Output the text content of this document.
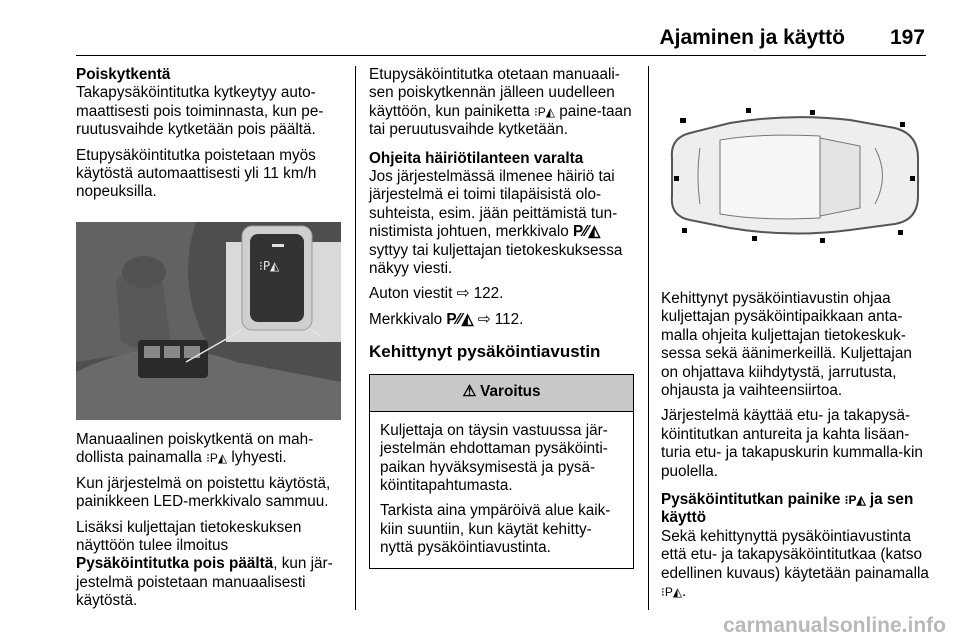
Ajaminen ja käyttö 197

Poiskytkentä

Takapysäköintitutka kytkeytyy auto-maattisesti pois toiminnasta, kun pe-ruutusvaihde kytketään pois päältä.

Etupysäköintitutka poistetaan myös käytöstä automaattisesti yli 11 km/h nopeuksilla.

⁝P◭

Manuaalinen poiskytkentä on mah-dollista painamalla ⁝P◭ lyhyesti.

Kun järjestelmä on poistettu käytöstä, painikkeen LED-merkkivalo sammuu.

Lisäksi kuljettajan tietokeskuksen näyttöön tulee ilmoitus
Pysäköintitutka pois päältä, kun jär-jestelmä poistetaan manuaalisesti käytöstä.

Etupysäköintitutka otetaan manuaali-sen poiskytkennän jälleen uudelleen käyttöön, kun painiketta ⁝P◭ paine-taan tai peruutusvaihde kytketään.

Ohjeita häiriötilanteen varalta

Jos järjestelmässä ilmenee häiriö tai järjestelmä ei toimi tilapäisistä olo-suhteista, esim. jään peittämistä tun-nistimista johtuen, merkkivalo P⁄⁄◭
syttyy tai kuljettajan tietokeskuksessa näkyy viesti.

Auton viestit ⇨ 122.

Merkkivalo P⁄⁄◭ ⇨ 112.

Kehittynyt pysäköintiavustin

⚠ Varoitus

Kuljettaja on täysin vastuussa jär-jestelmän ehdottaman pysäköinti-paikan hyväksymisestä ja pysä-köintitapahtumasta.

Tarkista aina ympäröivä alue kaik-kiin suuntiin, kun käytät kehitty-nyttä pysäköintiavustinta.

Kehittynyt pysäköintiavustin ohjaa kuljettajan pysäköintipaikkaan anta-malla ohjeita kuljettajan tietokeskuk-sessa sekä äänimerkeillä. Kuljettajan on ohjattava kiihdytystä, jarrutusta, ohjausta ja vaihteensiirtoa.

Järjestelmä käyttää etu- ja takapysä-köintitutkan antureita ja kahta lisäan-turia etu- ja takapuskurin kummalla-kin puolella.

Pysäköintitutkan painike ⁝P◭ ja sen käyttö

Sekä kehittynyttä pysäköintiavustinta että etu- ja takapysäköintitutkaa (katso edellinen kuvaus) käytetään painamalla ⁝P◭.

carmanualsonline.info
